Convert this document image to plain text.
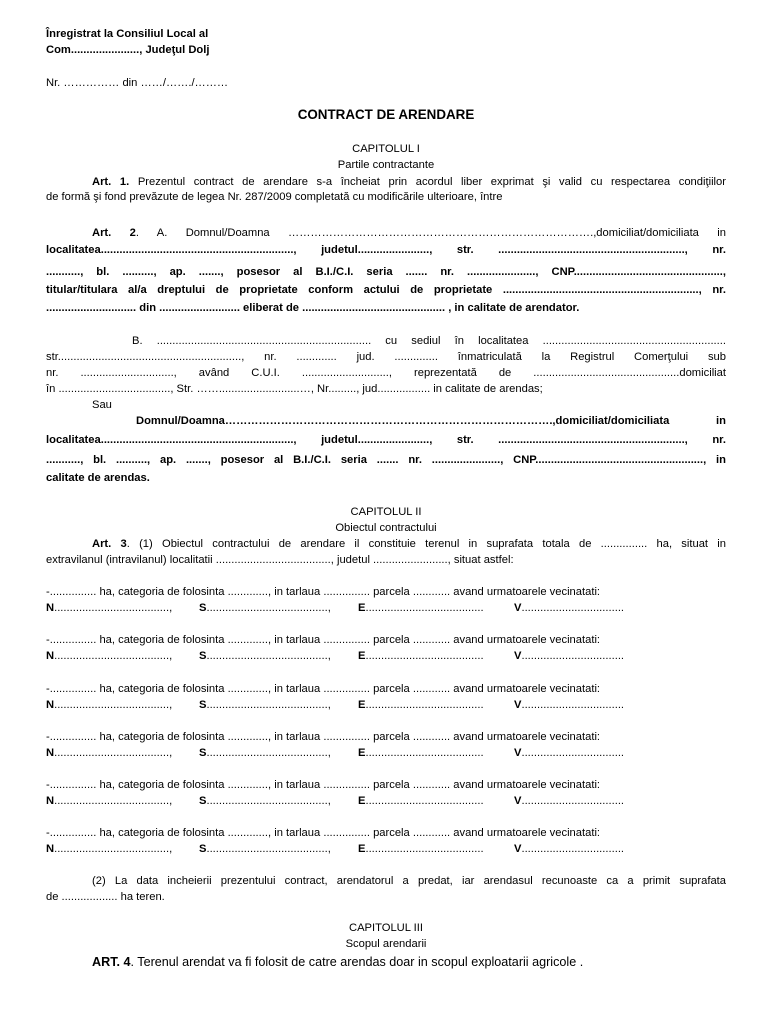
Înregistrat la Consiliul Local al
Com......................, Judeţul Dolj
Nr. …………… din ……/……./………
CONTRACT DE ARENDARE
CAPITOLUL I
Partile contractante
Art. 1. Prezentul contract de arendare s-a încheiat prin acordul liber exprimat şi valid cu respectarea condiţiilor
de formă şi fond prevăzute de legea Nr. 287/2009 completată cu modificările ulterioare, între
Art. 2. A. Domnul/Doamna ……………………………………………………………………….,domiciliat/domiciliata in
localitatea.............................................................., judetul......................., str. ............................................................, nr.
..........., bl. .........., ap. ......., posesor al B.I./C.I. seria ....... nr. ......................, CNP................................................,
titular/titulara al/a dreptului de proprietate conform actului de proprietate ..............................................................., nr.
............................. din .......................... eliberat de .............................................. , in calitate de arendator.
B. ..................................................................... cu sediul în localitatea ...........................................................
str..........................................................., nr. ............. jud. .............. înmatriculată la Registrul Comerţului sub
nr. .............................., având C.U.I. ............................, reprezentată de ...............................................domiciliat
în ...................................., Str. ……..........................…, Nr........., jud................. in calitate de arendas;
Sau
Domnul/Doamna…………………………………………………………………………….,domiciliat/domiciliata in
localitatea.............................................................., judetul......................., str. ............................................................, nr.
..........., bl. .........., ap. ......., posesor al B.I./C.I. seria ....... nr. ......................, CNP......................................................, in
calitate de arendas.
CAPITOLUL II
Obiectul contractului
Art. 3. (1) Obiectul contractului de arendare il constituie terenul in suprafata totala de ............... ha, situat in
extravilanul (intravilanul) localitatii ....................................., judetul ........................, situat astfel:
-............... ha, categoria de folosinta ............., in tarlaua ............... parcela ............ avand urmatoarele vecinatati:
N ....................................., S ......................................., E ......................................	V .................................
-............... ha, categoria de folosinta ............., in tarlaua ............... parcela ............ avand urmatoarele vecinatati:
N ....................................., S ......................................., E ......................................	V .................................
-............... ha, categoria de folosinta ............., in tarlaua ............... parcela ............ avand urmatoarele vecinatati:
N ....................................., S ......................................., E ......................................	V .................................
-............... ha, categoria de folosinta ............., in tarlaua ............... parcela ............ avand urmatoarele vecinatati:
N ....................................., S ......................................., E ......................................	V .................................
-............... ha, categoria de folosinta ............., in tarlaua ............... parcela ............ avand urmatoarele vecinatati:
N ....................................., S ......................................., E ......................................	V .................................
-............... ha, categoria de folosinta ............., in tarlaua ............... parcela ............ avand urmatoarele vecinatati:
N ....................................., S ......................................., E ......................................	V .................................
(2) La data incheierii prezentului contract, arendatorul a predat, iar arendasul recunoaste ca a primit suprafata
de .................. ha teren.
CAPITOLUL III
Scopul arendarii
ART. 4. Terenul arendat va fi folosit de catre arendas doar in scopul exploatarii agricole .
